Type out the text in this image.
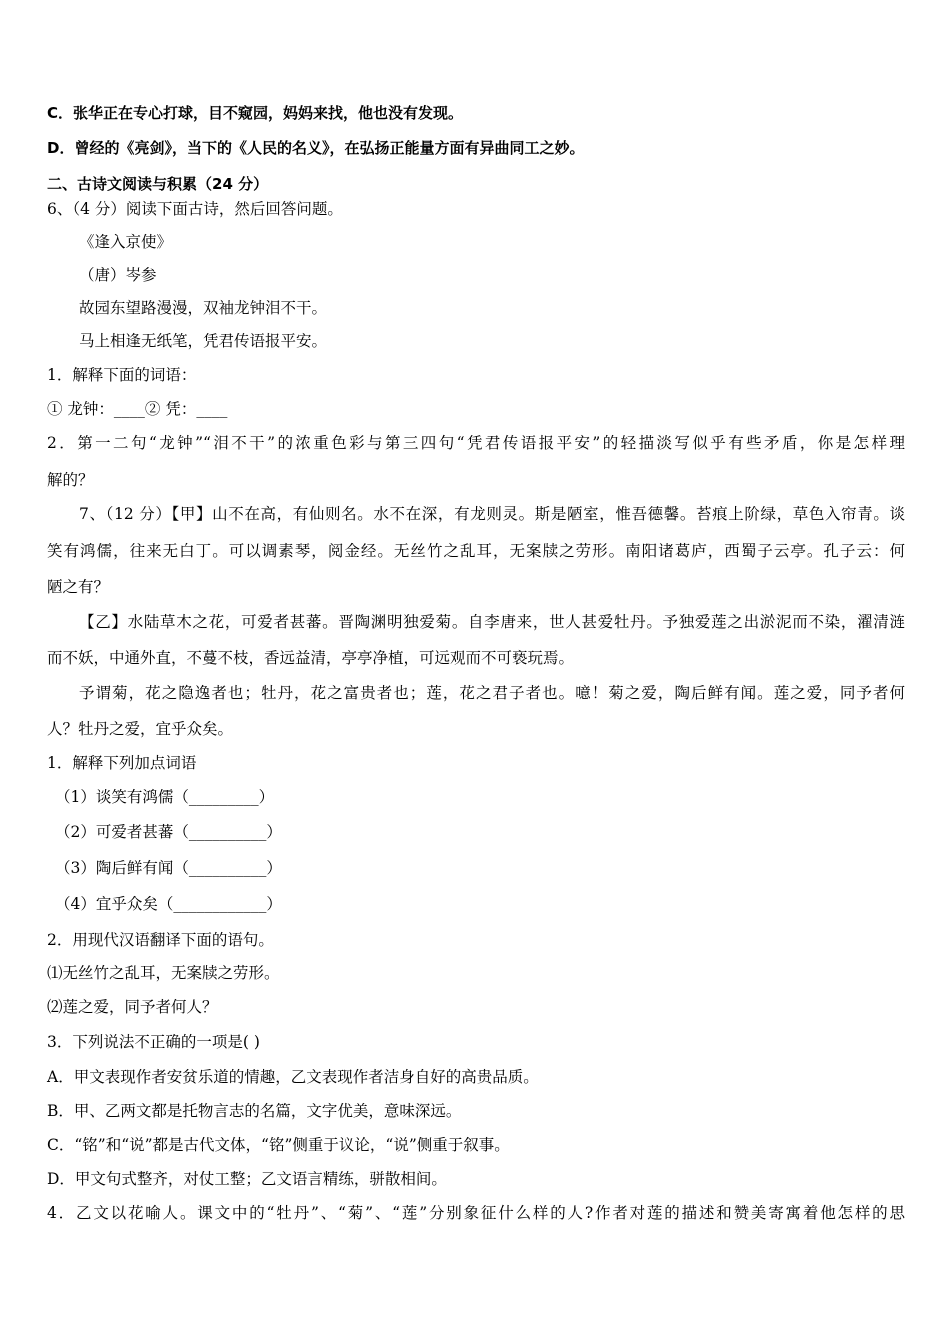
C．张华正在专心打球，目不窥园，妈妈来找，他也没有发现。
D．曾经的《亮剑》，当下的《人民的名义》，在弘扬正能量方面有异曲同工之妙。
二、古诗文阅读与积累（24 分）
6、（4 分）阅读下面古诗，然后回答问题。
《逢入京使》
（唐）岑参
故园东望路漫漫，双袖龙钟泪不干。
马上相逢无纸笔，凭君传语报平安。
1．解释下面的词语：
① 龙钟：____② 凭：____
2．第一二句“龙钟”“泪不干”的浓重色彩与第三四句“凭君传语报平安”的轻描淡写似乎有些矛盾，你是怎样理
解的？
7、（12 分）【甲】山不在高，有仙则名。水不在深，有龙则灵。斯是陋室，惟吾德馨。苔痕上阶绿，草色入帘青。谈
笑有鸿儒，往来无白丁。可以调素琴，阅金经。无丝竹之乱耳，无案牍之劳形。南阳诸葛庐，西蜀子云亭。孔子云：何
陋之有？
【乙】水陆草木之花，可爱者甚蕃。晋陶渊明独爱菊。自李唐来，世人甚爱牡丹。予独爱莲之出淤泥而不染，濯清涟
而不妖，中通外直，不蔓不枝，香远益清，亭亭净植，可远观而不可亵玩焉。
予谓菊，花之隐逸者也；牡丹，花之富贵者也；莲，花之君子者也。噫！菊之爱，陶后鲜有闻。莲之爱，同予者何
人？牡丹之爱，宜乎众矣。
1．解释下列加点词语
（1）谈笑有鸿儒（_________）
（2）可爱者甚蕃（__________）
（3）陶后鲜有闻（__________）
（4）宜乎众矣（____________）
2．用现代汉语翻译下面的语句。
⑴无丝竹之乱耳，无案牍之劳形。
⑵莲之爱，同予者何人？
3．下列说法不正确的一项是( )
A．甲文表现作者安贫乐道的情趣，乙文表现作者洁身自好的高贵品质。
B．甲、乙两文都是托物言志的名篇，文字优美，意味深远。
C．“铭”和“说”都是古代文体，“铭”侧重于议论，“说”侧重于叙事。
D．甲文句式整齐，对仗工整；乙文语言精练，骈散相间。
4．乙文以花喻人。课文中的“牡丹”、“菊”、“莲”分别象征什么样的人?作者对莲的描述和赞美寄寓着他怎样的思
